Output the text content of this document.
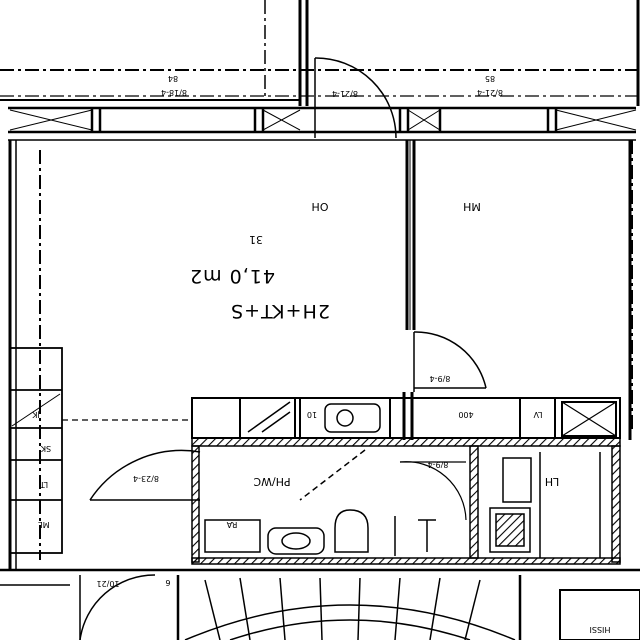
OH	MH
2H+KT+S
41,0 m2
31
PH/WC	LH
8/23-4
8/9-4
8/9-4
8/18-4	8/21-4	8/21-4
10/21
84	85
JK
SK
LT
ML
LV
400
RA
6
HISSI
10
